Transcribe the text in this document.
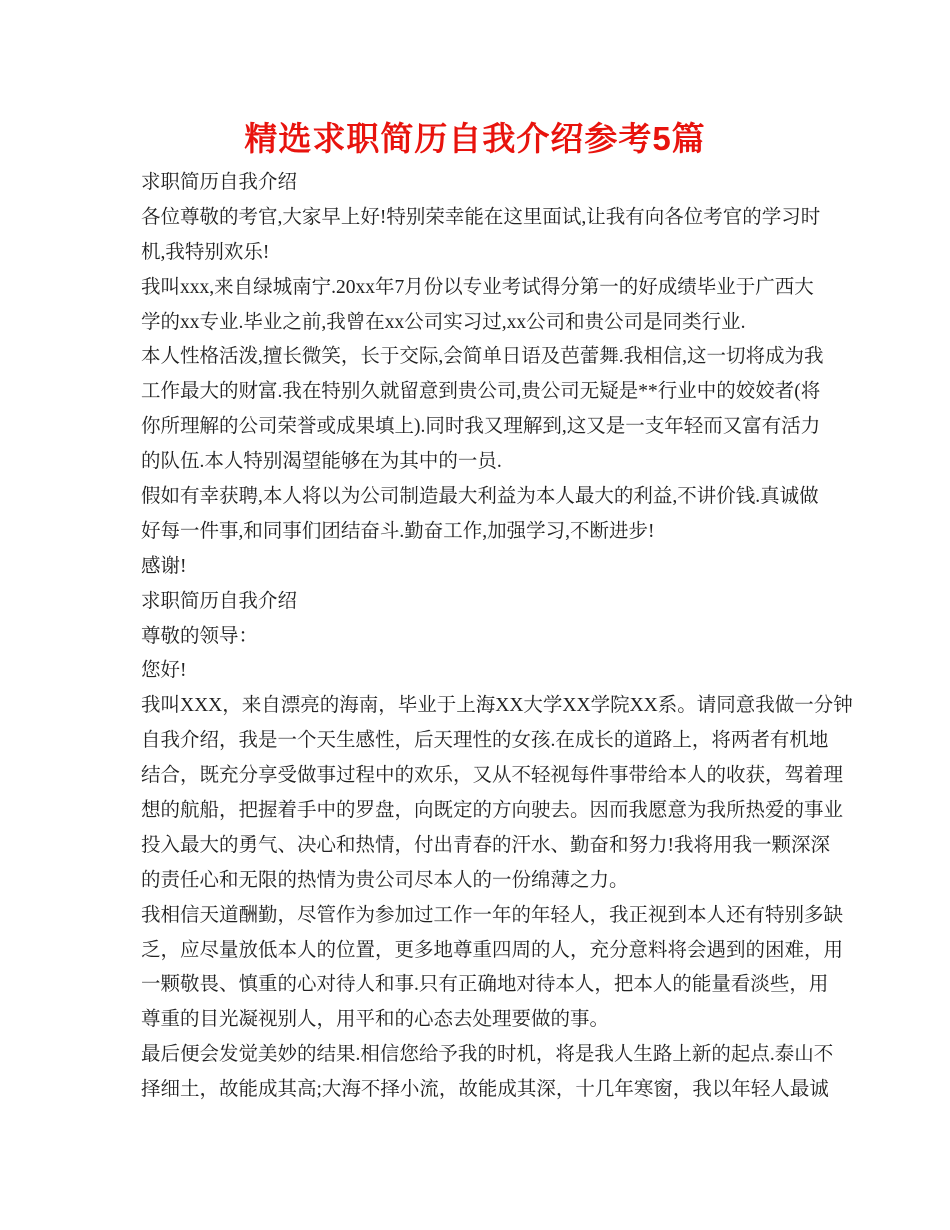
精选求职简历自我介绍参考5篇
求职简历自我介绍
各位尊敬的考官,大家早上好!特别荣幸能在这里面试,让我有向各位考官的学习时
机,我特别欢乐!
我叫xxx,来自绿城南宁.20xx年7月份以专业考试得分第一的好成绩毕业于广西大
学的xx专业.毕业之前,我曾在xx公司实习过,xx公司和贵公司是同类行业.
本人性格活泼,擅长微笑，长于交际,会简单日语及芭蕾舞.我相信,这一切将成为我
工作最大的财富.我在特别久就留意到贵公司,贵公司无疑是**行业中的姣姣者(将
你所理解的公司荣誉或成果填上).同时我又理解到,这又是一支年轻而又富有活力
的队伍.本人特别渴望能够在为其中的一员.
假如有幸获聘,本人将以为公司制造最大利益为本人最大的利益,不讲价钱.真诚做
好每一件事,和同事们团结奋斗.勤奋工作,加强学习,不断进步!
感谢!
求职简历自我介绍
尊敬的领导：
您好!
我叫XXX，来自漂亮的海南，毕业于上海XX大学XX学院XX系。请同意我做一分钟
自我介绍，我是一个天生感性，后天理性的女孩.在成长的道路上，将两者有机地
结合，既充分享受做事过程中的欢乐，又从不轻视每件事带给本人的收获，驾着理
想的航船，把握着手中的罗盘，向既定的方向驶去。因而我愿意为我所热爱的事业
投入最大的勇气、决心和热情，付出青春的汗水、勤奋和努力!我将用我一颗深深
的责任心和无限的热情为贵公司尽本人的一份绵薄之力。
我相信天道酬勤，尽管作为参加过工作一年的年轻人，我正视到本人还有特别多缺
乏，应尽量放低本人的位置，更多地尊重四周的人，充分意料将会遇到的困难，用
一颗敬畏、慎重的心对待人和事.只有正确地对待本人，把本人的能量看淡些，用
尊重的目光凝视别人，用平和的心态去处理要做的事。
最后便会发觉美妙的结果.相信您给予我的时机，将是我人生路上新的起点.泰山不
择细土，故能成其高;大海不择小流，故能成其深，十几年寒窗，我以年轻人最诚
